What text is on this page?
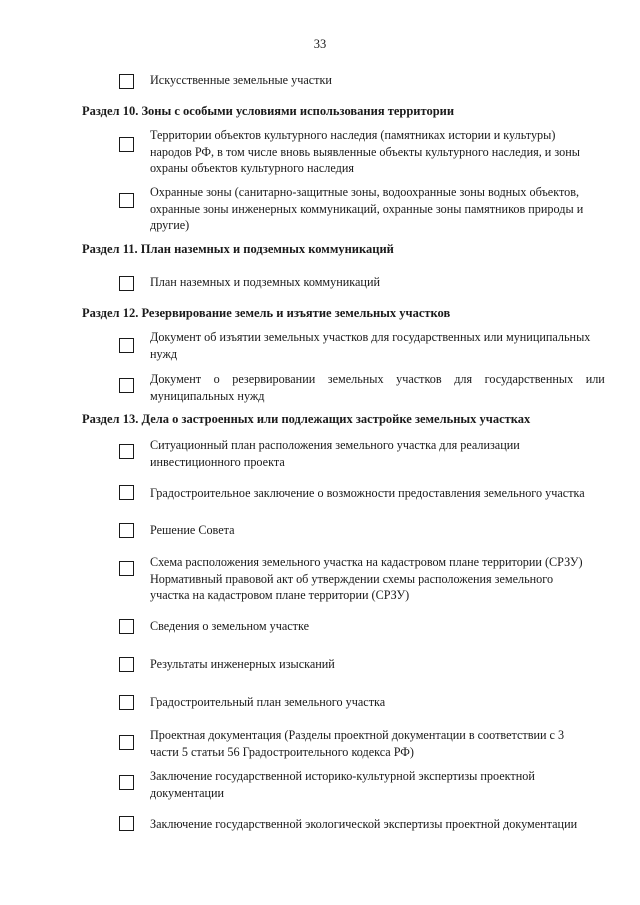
33
Искусственные земельные участки
Раздел 10. Зоны с особыми условиями использования территории
Территории объектов культурного наследия (памятниках истории и культуры)
народов РФ, в том числе вновь выявленные объекты культурного наследия, и зоны
охраны объектов культурного наследия
Охранные зоны (санитарно-защитные зоны, водоохранные зоны водных объектов,
охранные зоны инженерных коммуникаций, охранные зоны памятников природы и
другие)
Раздел 11. План наземных и подземных коммуникаций
План наземных и подземных коммуникаций
Раздел 12. Резервирование земель и изъятие земельных участков
Документ об изъятии земельных участков для государственных или муниципальных
нужд
Документ о резервировании земельных участков для государственных или
муниципальных нужд
Раздел 13. Дела о застроенных или подлежащих застройке земельных участках
Ситуационный план расположения земельного участка для реализации
инвестиционного проекта
Градостроительное заключение о возможности предоставления земельного участка
Решение Совета
Схема расположения земельного участка на кадастровом плане территории (СРЗУ)
Нормативный правовой акт об утверждении схемы расположения земельного
участка на кадастровом плане территории (СРЗУ)
Сведения о земельном участке
Результаты инженерных изысканий
Градостроительный план земельного участка
Проектная документация (Разделы проектной документации в соответствии с 3
части 5 статьи 56 Градостроительного кодекса РФ)
Заключение государственной историко-культурной экспертизы проектной
документации
Заключение государственной экологической экспертизы проектной документации
